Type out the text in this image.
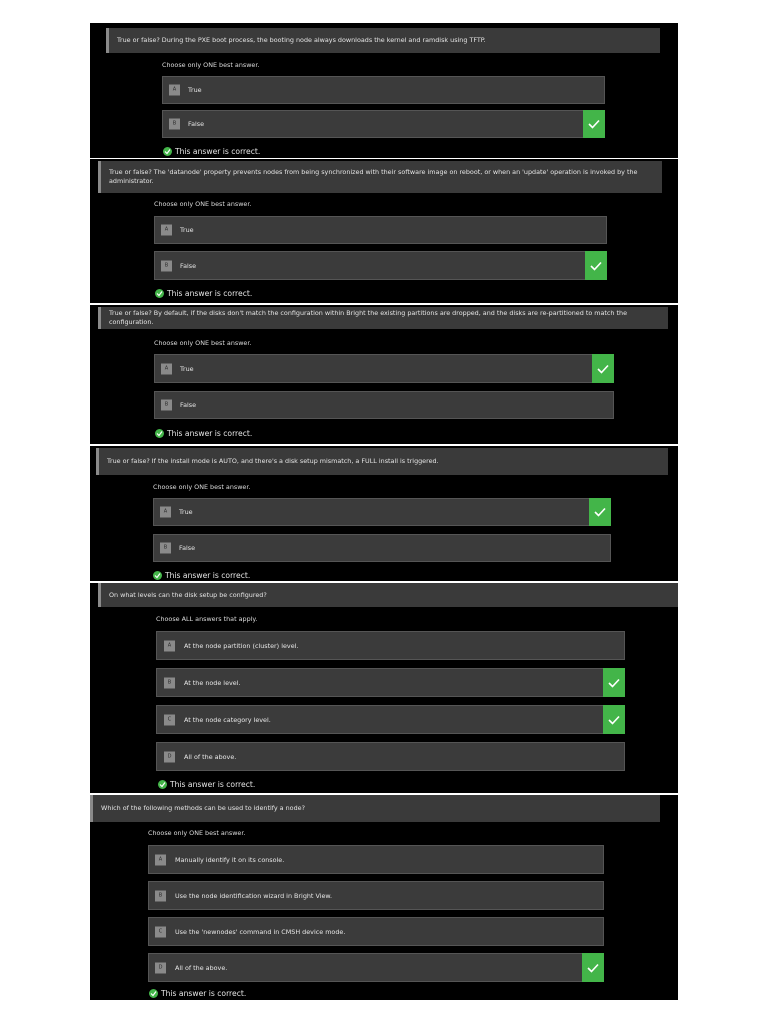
True or false? During the PXE boot process, the booting node always downloads the kernel and ramdisk using TFTP.
Choose only ONE best answer.
A	True
B	False
This answer is correct.
True or false? The 'datanode' property prevents nodes from being synchronized with their software image on reboot, or when an 'update' operation is invoked by the administrator.
Choose only ONE best answer.
A	True
B	False
This answer is correct.
True or false? By default, if the disks don't match the configuration within Bright the existing partitions are dropped, and the disks are re-partitioned to match the configuration.
Choose only ONE best answer.
A	True
B	False
This answer is correct.
True or false? If the install mode is AUTO, and there's a disk setup mismatch, a FULL install is triggered.
Choose only ONE best answer.
A	True
B	False
This answer is correct.
On what levels can the disk setup be configured?
Choose ALL answers that apply.
A	At the node partition (cluster) level.
B	At the node level.
C	At the node category level.
D	All of the above.
This answer is correct.
Which of the following methods can be used to identify a node?
Choose only ONE best answer.
A	Manually identify it on its console.
B	Use the node identification wizard in Bright View.
C	Use the 'newnodes' command in CMSH device mode.
D	All of the above.
This answer is correct.
